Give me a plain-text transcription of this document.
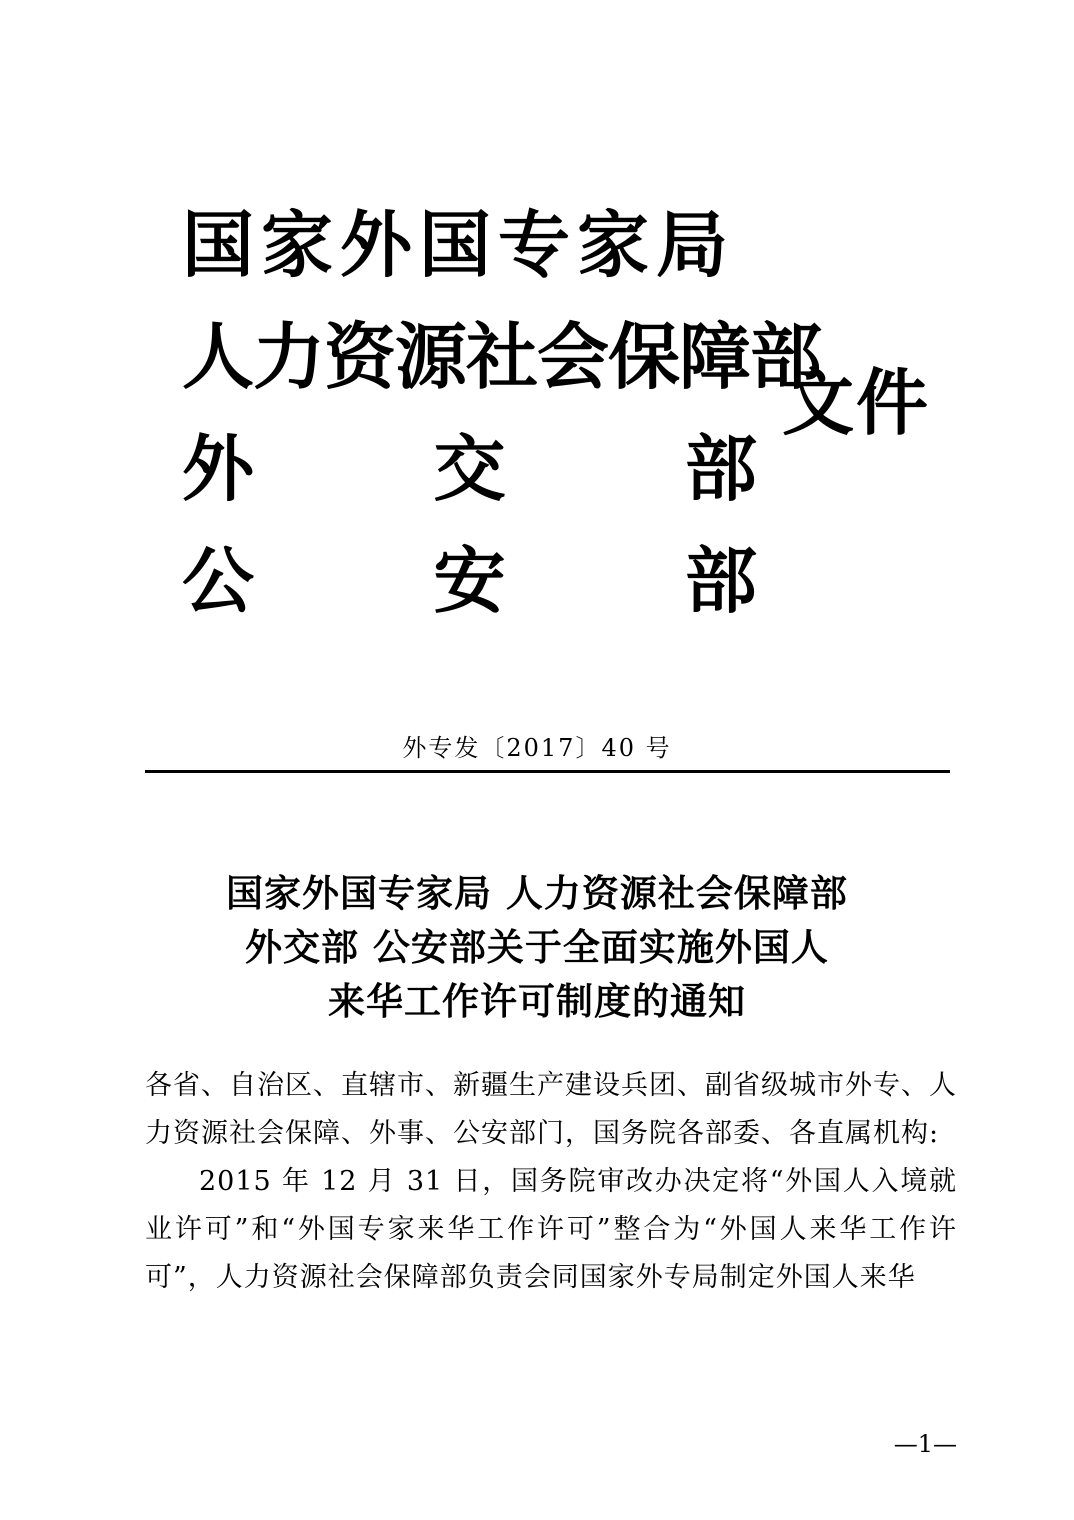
国家外国专家局
人力资源社会保障部
外 交 部
公 安 部
文件
外专发〔2017〕40 号
国家外国专家局 人力资源社会保障部
外交部 公安部关于全面实施外国人
来华工作许可制度的通知

各省、自治区、直辖市、新疆生产建设兵团、副省级城市外专、人力资源社会保障、外事、公安部门，国务院各部委、各直属机构:

2015 年 12 月 31 日，国务院审改办决定将“外国人入境就业许可”和“外国专家来华工作许可”整合为“外国人来华工作许可”，人力资源社会保障部负责会同国家外专局制定外国人来华

—1—
